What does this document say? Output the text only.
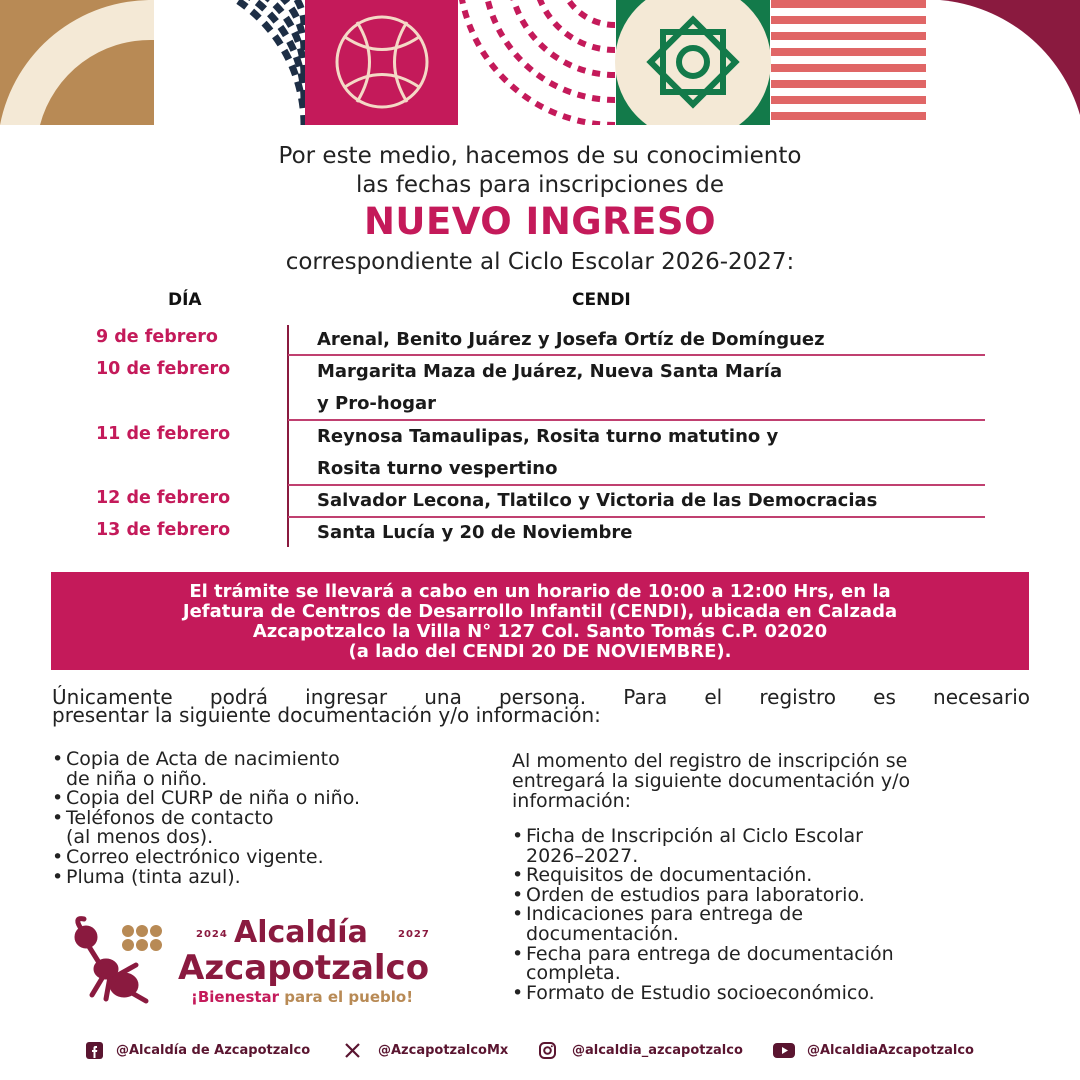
Por este medio, hacemos de su conocimiento
las fechas para inscripciones de
NUEVO INGRESO
correspondiente al Ciclo Escolar 2026-2027:
DÍA	CENDI
9 de febrero	Arenal, Benito Juárez y Josefa Ortíz de Domínguez
10 de febrero	Margarita Maza de Juárez, Nueva Santa María
y Pro-hogar
11 de febrero	Reynosa Tamaulipas, Rosita turno matutino y
Rosita turno vespertino
12 de febrero	Salvador Lecona, Tlatilco y Victoria de las Democracias
13 de febrero	Santa Lucía y 20 de Noviembre
El trámite se llevará a cabo en un horario de 10:00 a 12:00 Hrs, en la
Jefatura de Centros de Desarrollo Infantil (CENDI), ubicada en Calzada
Azcapotzalco la Villa N° 127 Col. Santo Tomás C.P. 02020
(a lado del CENDI 20 DE NOVIEMBRE).
Únicamente podrá ingresar una persona. Para el registro es necesario
presentar la siguiente documentación y/o información:
• Copia de Acta de nacimiento
de niña o niño.
• Copia del CURP de niña o niño.
• Teléfonos de contacto
(al menos dos).
• Correo electrónico vigente.
• Pluma (tinta azul).
Al momento del registro de inscripción se
entregará la siguiente documentación y/o
información:
• Ficha de Inscripción al Ciclo Escolar
2026–2027.
• Requisitos de documentación.
• Orden de estudios para laboratorio.
• Indicaciones para entrega de
documentación.
• Fecha para entrega de documentación
completa.
• Formato de Estudio socioeconómico.
2024	2027
Alcaldía
Azcapotzalco
¡Bienestar para el pueblo!
@Alcaldía de Azcapotzalco	@AzcapotzalcoMx	@alcaldia_azcapotzalco	@AlcaldiaAzcapotzalco
